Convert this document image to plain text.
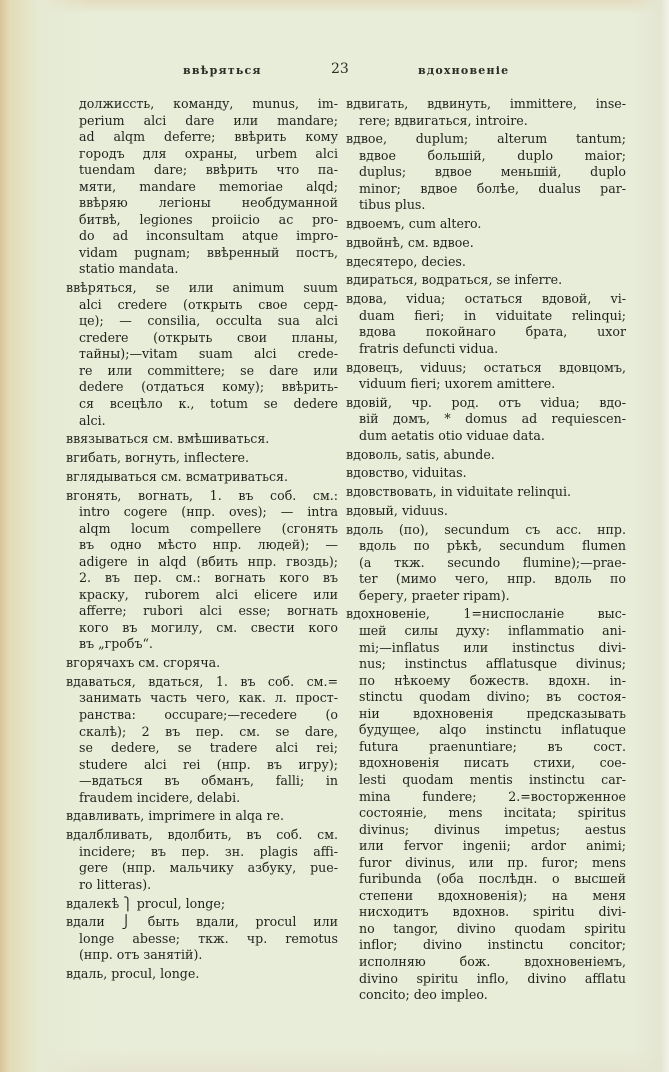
ввѣряться	23	вдохновеніе
должиссть, команду, munus, im-
perium alci dare или mandare;
ad alqm deferre; ввѣрить кому
городъ для охраны, urbem alci
tuendam dare; ввѣрить что па-
мяти, mandare memoriae alqd;
ввѣряю легіоны необдуманной
битвѣ, legiones proiicio ac pro-
do ad inconsultam atque impro-
vidam pugnam; ввѣренный постъ,
statio mandata.
ввѣряться, se или animum suum
alci credere (открыть свое серд-
це); — consilia, occulta sua alci
credere (открыть свои планы,
тайны);—vitam suam alci crede-
re или committere; se dare или
dedere (отдаться кому); ввѣрить-
ся всецѣло к., totum se dedere
alci.
ввязываться см. вмѣшиваться.
вгибать, вогнуть, inflectere.
вглядываться см. всматриваться.
вгонять, вогнать, 1. въ соб. см.:
intro cogere (нпр. oves); — intra
alqm locum compellere (сгонять
въ одно мѣсто нпр. людей); —
adigere in alqd (вбить нпр. гвоздь);
2. въ пер. см.: вогнать кого въ
краску, ruborem alci elicere или
afferre; rubori alci esse; вогнать
кого въ могилу, см. свести кого
въ „гробъ“.
вгорячахъ см. сгоряча.
вдаваться, вдаться, 1. въ соб. см.=
занимать часть чего, как. л. прост-
ранства: occupare;—recedere (о
скалѣ); 2 въ пер. см. se dare,
se dedere, se tradere alci rei;
studere alci rei (нпр. въ игру);
—вдаться въ обманъ, falli; in
fraudem incidere, delabi.
вдавливать, imprimere in alqa re.
вдалбливать, вдолбить, въ соб. см.
incidere; въ пер. зн. plagis affi-
gere (нпр. мальчику азбуку, pue-
ro litteras).
вдалекѣ ⎫ procul, longe;
вдали ⎭ быть вдали, procul или
longe abesse; ткж. чр. remotus
(нпр. отъ занятій).
вдаль, procul, longe.
вдвигать, вдвинуть, immittere, inse-
rere; вдвигаться, introire.
вдвое, duplum; alterum tantum;
вдвое большій, duplo maior;
duplus; вдвое меньшій, duplo
minor; вдвое болѣе, dualus par-
tibus plus.
вдвоемъ, cum altero.
вдвойнѣ, см. вдвое.
вдесятеро, decies.
вдираться, водраться, se inferre.
вдова, vidua; остаться вдовой, vi-
duam fieri; in viduitate relinqui;
вдова покойнаго брата, uxor
fratris defuncti vidua.
вдовецъ, viduus; остаться вдовцомъ,
viduum fieri; uxorem amittere.
вдовій, чр. род. отъ vidua; вдо-
вій домъ, * domus ad requiescen-
dum aetatis otio viduae data.
вдоволь, satis, abunde.
вдовство, viduitas.
вдовствовать, in viduitate relinqui.
вдовый, viduus.
вдоль (по), secundum съ acc. нпр.
вдоль по рѣкѣ, secundum flumen
(а ткж. secundo flumine);—prae-
ter (мимо чего, нпр. вдоль по
берегу, praeter ripam).
вдохновеніе, 1=ниспосланіе выс-
шей силы духу: inflammatio ani-
mi;—inflatus или instinctus divi-
nus; instinctus afflatusque divinus;
по нѣкоему божеств. вдохн. in-
stinctu quodam divino; въ состоя-
ніи вдохновенія предсказывать
будущее, alqo instinctu inflatuque
futura praenuntiare; въ сост.
вдохновенія писать стихи, coe-
lesti quodam mentis instinctu car-
mina fundere; 2.=восторженное
состояніе, mens incitata; spiritus
divinus; divinus impetus; aestus
или fervor ingenii; ardor animi;
furor divinus, или пр. furor; mens
furibunda (оба послѣдн. о высшей
степени вдохновенія); на меня
нисходитъ вдохнов. spiritu divi-
no tangor, divino quodam spiritu
inflor; divino instinctu concitor;
исполняю бож. вдохновеніемъ,
divino spiritu inflo, divino afflatu
concito; deo impleo.
